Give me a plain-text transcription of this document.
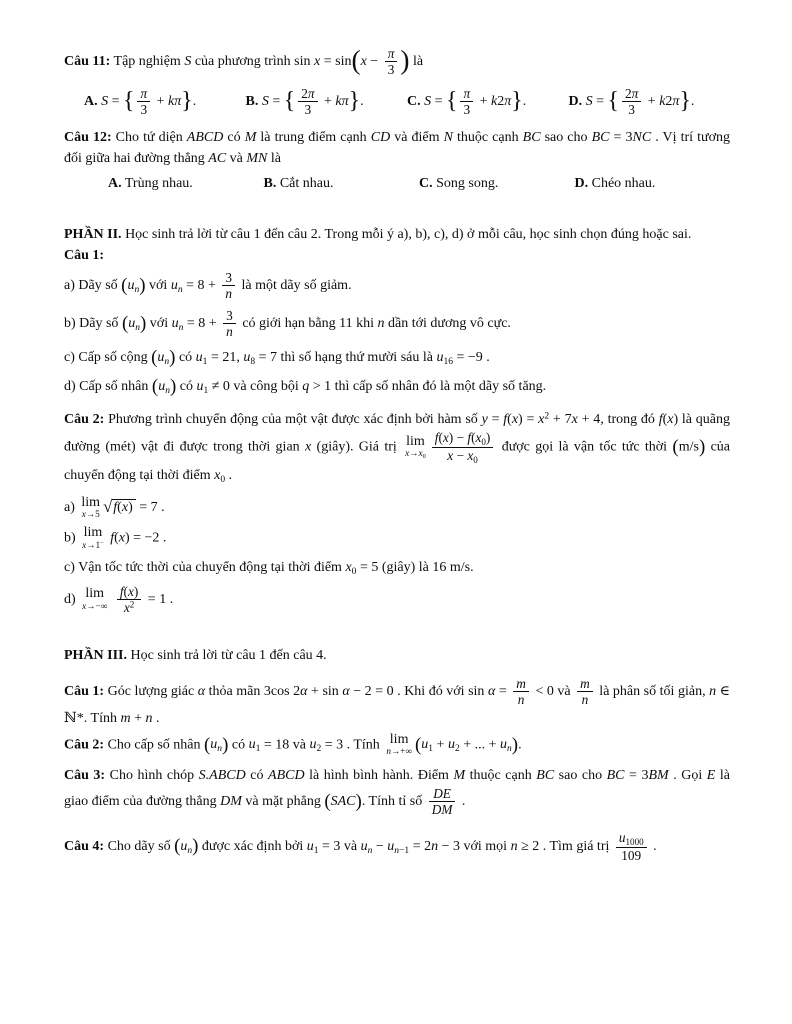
Câu 11: Tập nghiệm S của phương trình $\sin x = \sin(x - \frac{\pi}{3}$ ) là

A. S = { $\frac{\pi}{3} + k\pi$}.	B. S = { $\frac{2\pi}{3} + k\pi$}.	C. S = { $\frac{\pi}{3} + k2\pi$}.	D. S = { $\frac{2\pi}{3} + k2\pi$}.

Câu 12: Cho tứ diện ABCD có M là trung điểm cạnh CD và điểm N thuộc cạnh BC sao cho BC = 3NC . Vị trí tương đối giữa hai đường thẳng AC và MN là

A. Trùng nhau.	B. Cắt nhau.	C. Song song.	D. Chéo nhau.

PHẦN II. Học sinh trả lời từ câu 1 đến câu 2. Trong mỗi ý a), b), c), d) ở mỗi câu, học sinh chọn đúng hoặc sai.

Câu 1:

a) Dãy số $(u_n)$ với $u_n = 8 + \frac{3}{n}$ là một dãy số giảm.

b) Dãy số $(u_n)$ với $u_n = 8 + \frac{3}{n}$ có giới hạn bằng 11 khi n dần tới dương vô cực.

c) Cấp số cộng $(u_n)$ có $u_1 = 21$, $u_8 = 7$ thì số hạng thứ mười sáu là $u_{16} = -9$ .

d) Cấp số nhân $(u_n)$ có $u_1 \ne 0$ và công bội q > 1 thì cấp số nhân đó là một dãy số tăng.

Câu 2: Phương trình chuyển động của một vật được xác định bởi hàm số $y = f(x) = x^2 + 7x + 4$, trong đó f(x) là quãng đường (mét) vật đi được trong thời gian x (giây). Giá trị lim
$x\to x_0 \frac{f(x) - f(x_0)}{x - x_0}$ được gọi là vận tốc tức thời (m/s) của chuyển động tại thời điểm $x_0$ .

a) lim
x→5 √f(x) = 7 .

b) lim
x→1− f(x) = −2 .

c) Vận tốc tức thời của chuyển động tại thời điểm $x_0 = 5$ (giây) là 16 m/s.

d) lim
x→−∞
$\frac{f(x)}{x^2} = 1$ .

PHẦN III. Học sinh trả lời từ câu 1 đến câu 4.

Câu 1: Góc lượng giác α thỏa mãn 3cos 2α + sin α − 2 = 0 . Khi đó với $\sin \alpha = \frac{m}{n} < 0$ và $\frac{m}{n}$ là phân số tối giản, n ∈ ℕ*. Tính m + n .

Câu 2: Cho cấp số nhân $(u_n)$ có $u_1 = 18$ và $u_2 = 3$ . Tính lim
n→+∞ ($u_1 + u_2$ + ... + $u_n$).

Câu 3: Cho hình chóp S.ABCD có ABCD là hình bình hành. Điểm M thuộc cạnh BC sao cho BC = 3BM . Gọi E là giao điểm của đường thẳng DM và mặt phẳng (SAC). Tính tỉ số $\frac{DE}{DM}$ .

Câu 4: Cho dãy số $(u_n)$ được xác định bởi $u_1 = 3$ và $u_n - u_{n-1} = 2n - 3$ với mọi n ≥ 2 . Tìm giá trị $\frac{u_{1000}}{109}$ .
